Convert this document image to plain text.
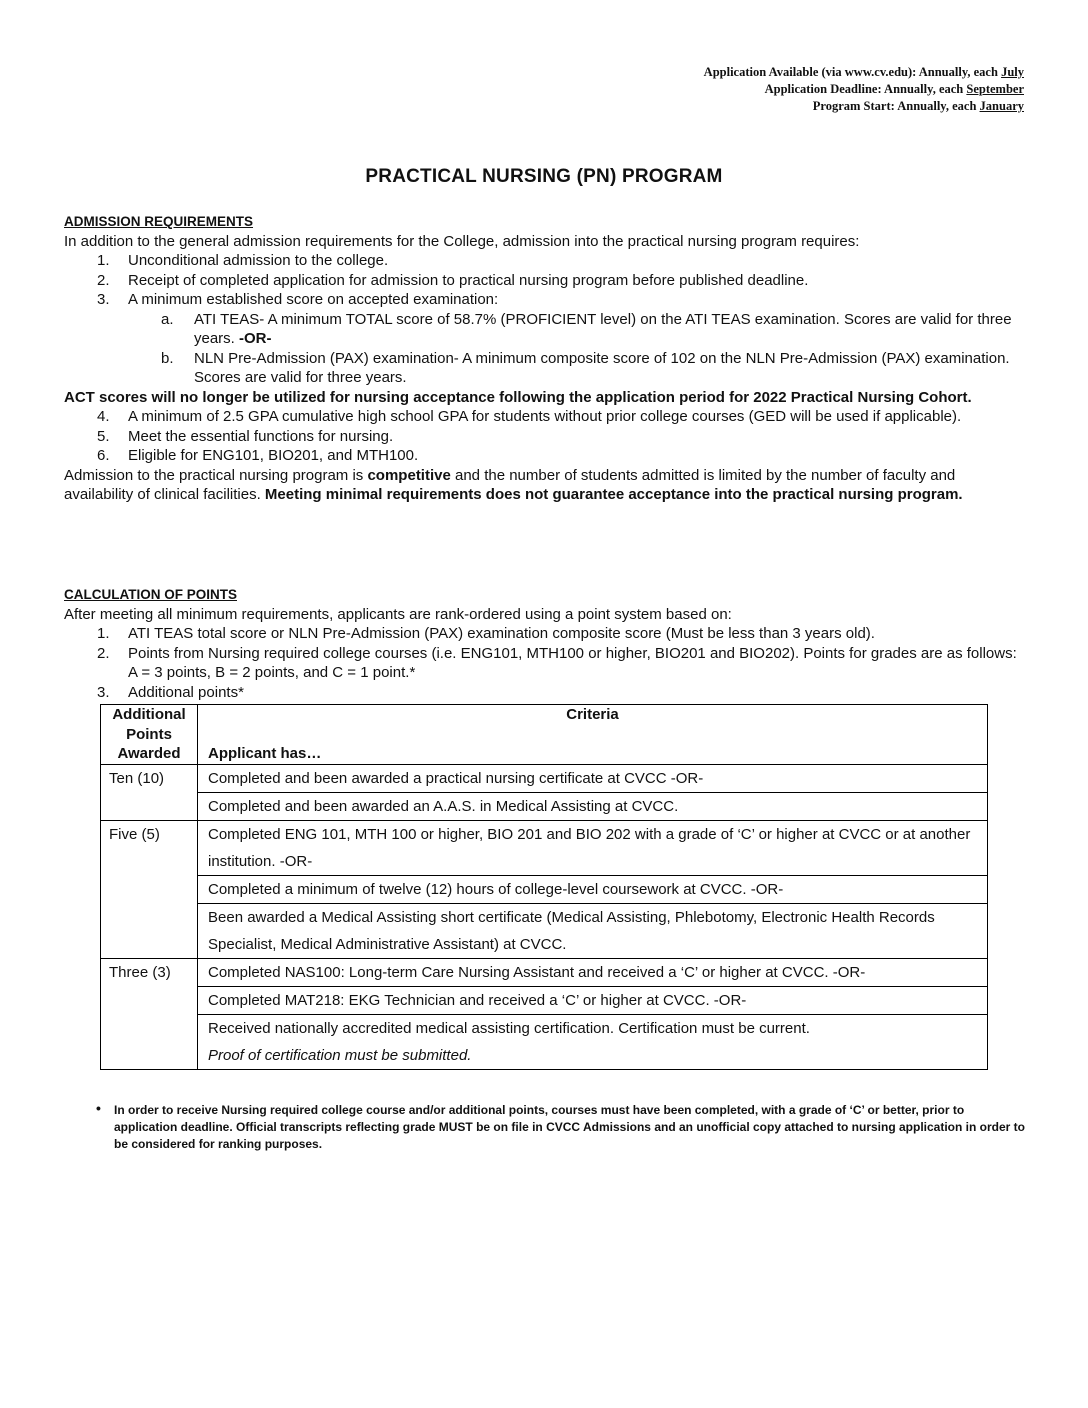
Application Available (via www.cv.edu): Annually, each July
Application Deadline: Annually, each September
Program Start: Annually, each January
PRACTICAL NURSING (PN) PROGRAM
ADMISSION REQUIREMENTS
In addition to the general admission requirements for the College, admission into the practical nursing program requires:
1.	Unconditional admission to the college.
2.	Receipt of completed application for admission to practical nursing program before published deadline.
3.	A minimum established score on accepted examination:
a.	ATI TEAS- A minimum TOTAL score of 58.7% (PROFICIENT level) on the ATI TEAS examination. Scores are valid for three years. -OR-
b.	NLN Pre-Admission (PAX) examination- A minimum composite score of 102 on the NLN Pre-Admission (PAX) examination. Scores are valid for three years.
ACT scores will no longer be utilized for nursing acceptance following the application period for 2022 Practical Nursing Cohort.
4.	A minimum of 2.5 GPA cumulative high school GPA for students without prior college courses (GED will be used if applicable).
5.	Meet the essential functions for nursing.
6.	Eligible for ENG101, BIO201, and MTH100.
Admission to the practical nursing program is competitive and the number of students admitted is limited by the number of faculty and availability of clinical facilities. Meeting minimal requirements does not guarantee acceptance into the practical nursing program.
CALCULATION OF POINTS
After meeting all minimum requirements, applicants are rank-ordered using a point system based on:
1.	ATI TEAS total score or NLN Pre-Admission (PAX) examination composite score (Must be less than 3 years old).
2.	Points from Nursing required college courses (i.e. ENG101, MTH100 or higher, BIO201 and BIO202). Points for grades are as follows: A = 3 points, B = 2 points, and C = 1 point.*
3.	Additional points*
Additional Points Awarded	Criteria
Applicant has…

Ten (10)	Completed and been awarded a practical nursing certificate at CVCC -OR-
	Completed and been awarded an A.A.S. in Medical Assisting at CVCC.
Five (5)	Completed ENG 101, MTH 100 or higher, BIO 201 and BIO 202 with a grade of ‘C’ or higher at CVCC or at another institution. -OR-
	Completed a minimum of twelve (12) hours of college-level coursework at CVCC. -OR-
	Been awarded a Medical Assisting short certificate (Medical Assisting, Phlebotomy, Electronic Health Records Specialist, Medical Administrative Assistant) at CVCC.
Three (3)	Completed NAS100: Long-term Care Nursing Assistant and received a ‘C’ or higher at CVCC. -OR-
	Completed MAT218: EKG Technician and received a ‘C’ or higher at CVCC. -OR-
	Received nationally accredited medical assisting certification. Certification must be current.
Proof of certification must be submitted.
•	In order to receive Nursing required college course and/or additional points, courses must have been completed, with a grade of ‘C’ or better, prior to application deadline. Official transcripts reflecting grade MUST be on file in CVCC Admissions and an unofficial copy attached to nursing application in order to be considered for ranking purposes.
